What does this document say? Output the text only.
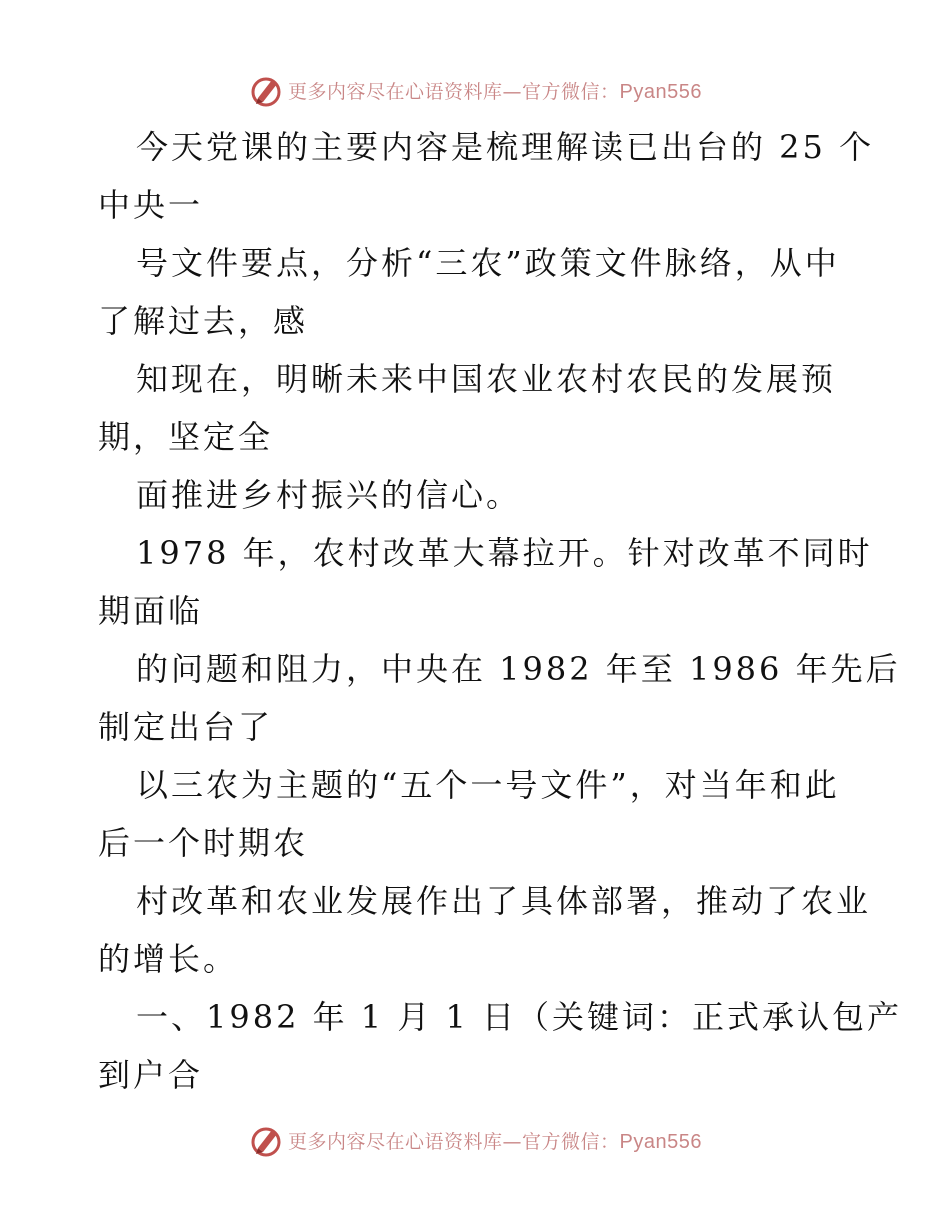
更多内容尽在心语资料库—官方微信：Pyan556
今天党课的主要内容是梳理解读已出台的 25 个
中央一
号文件要点，分析“三农”政策文件脉络，从中
了解过去，感
知现在，明晰未来中国农业农村农民的发展预
期，坚定全
面推进乡村振兴的信心。
1978 年，农村改革大幕拉开。针对改革不同时
期面临
的问题和阻力，中央在 1982 年至 1986 年先后
制定出台了
以三农为主题的“五个一号文件”，对当年和此
后一个时期农
村改革和农业发展作出了具体部署，推动了农业
的增长。
一、1982 年 1 月 1 日（关键词：正式承认包产
到户合
更多内容尽在心语资料库—官方微信：Pyan556
